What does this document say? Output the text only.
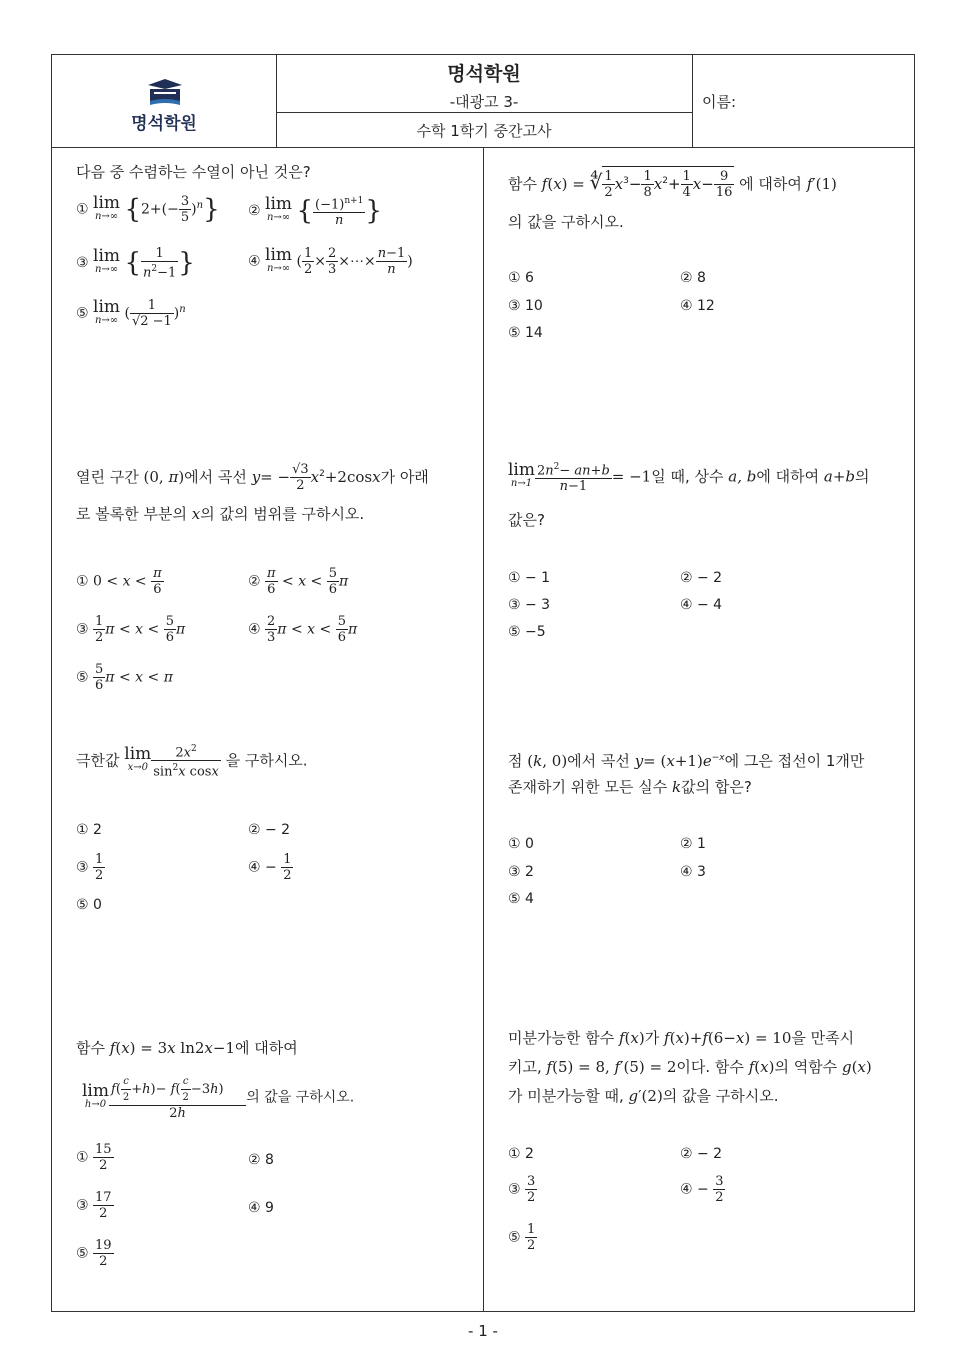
명석학원
명석학원
-대광고 3-
수학 1학기 중간고사
이름:
다음 중 수렴하는 수열이 아닌 것은?
① lim
n→∞ $\{2+(- \frac{3}{5} )^n\}$ ② lim
n→∞ { $\frac{(-1)^{n+1}}{n}$ }
③ lim
n→∞ { $\frac{1}{n^2-1}$ }	④ lim
n→∞ ( $\frac{1}{2} \times \frac{2}{3}$ ×⋯× $\frac{n-1}{n}$ )
⑤ lim
n→∞ ( $\frac{1}{√2 -1} )^n$
함수 f(x) = ∜ $\frac{1}{2} x^3- \frac{1}{8} x^2+ \frac{1}{4} x- \frac{9}{16}$ 에 대하여 f′(1)
의 값을 구하시오.
① 6	② 8
③ 10	④ 12
⑤ 14
열린 구간 (0, π)에서 곡선 $y= - \frac{√3}{2} x^2+2\cos x$가 아래
로 볼록한 부분의 x의 값의 범위를 구하시오.
① $0 < x < \frac{\pi}{6}$	② $\frac{\pi}{6} < x < \frac{5}{6}$ π
③ $\frac{1}{2}$ $\pi < x < \frac{5}{6}$ π	④ $\frac{2}{3}$ $\pi < x < \frac{5}{6}$ π
⑤ $\frac{5}{6}$ π < x < π
lim
$n\to 1 \frac{2n^2- an+b}{n-1} = -1$일 때, 상수 a, b에 대하여 a+b의
값은?
① − 1	② − 2
③ − 3	④ − 4
⑤ −5
극한값 lim
$x\to 0 \frac{2x^2}{\sin^2x \cos x}$ 을 구하시오.
① 2	② − 2
③ $\frac{1}{2}$	④ − $\frac{1}{2}$
⑤ 0
점 (k, 0)에서 곡선 $y= (x+1)e^{-x}$에 그은 접선이 1개만
존재하기 위한 모든 실수 k값의 합은?
① 0	② 1
③ 2	④ 3
⑤ 4
함수 f(x) = 3x ln2x−1에 대하여
lim
$h\to 0 \frac{f( \frac{c}{2} +h)- f( \frac{c}{2} -3h)}{2h}$ 의 값을 구하시오.
① $\frac{15}{2}$	② 8
③ $\frac{17}{2}$	④ 9
⑤ $\frac{19}{2}$
미분가능한 함수 f(x)가 f(x)+f(6−x) = 10을 만족시
키고, f(5) = 8, f′(5) = 2이다. 함수 f(x)의 역함수 g(x)
가 미분가능할 때, g′(2)의 값을 구하시오.
① 2	② − 2
③ $\frac{3}{2}$	④ − $\frac{3}{2}$
⑤ $\frac{1}{2}$
- 1 -
